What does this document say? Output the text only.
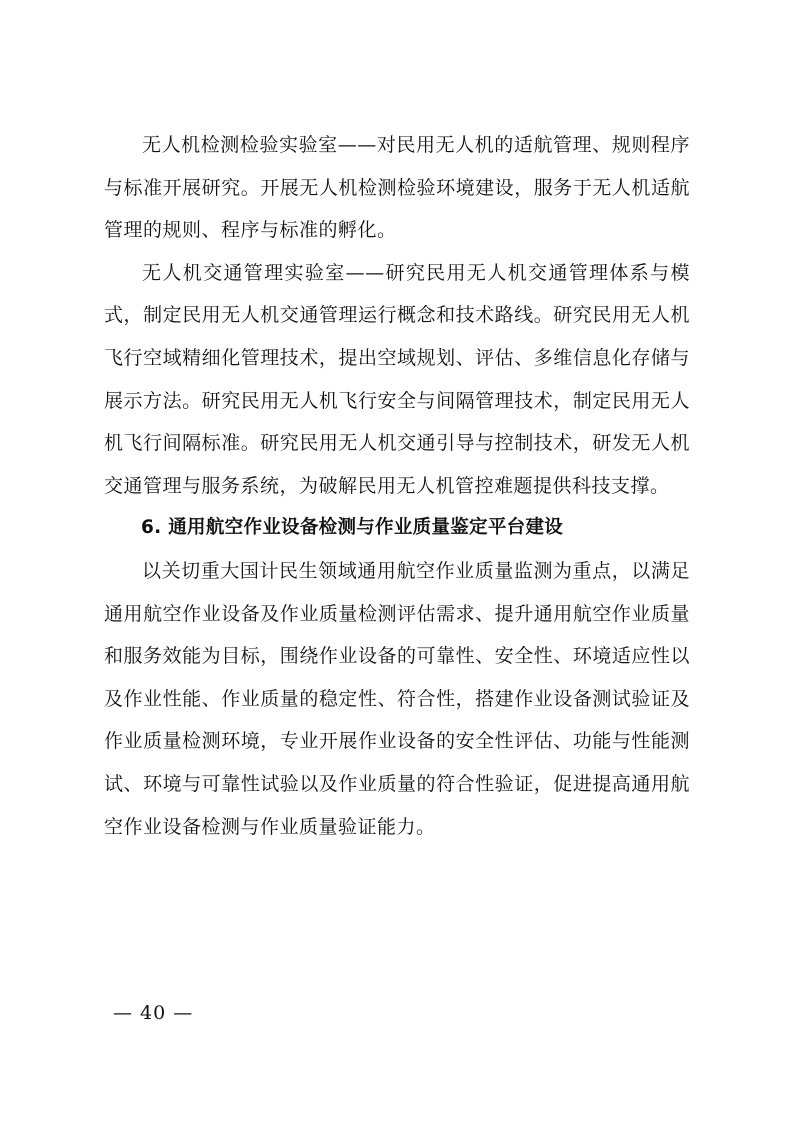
无人机检测检验实验室——对民用无人机的适航管理、规则程序与标准开展研究。开展无人机检测检验环境建设，服务于无人机适航管理的规则、程序与标准的孵化。

无人机交通管理实验室——研究民用无人机交通管理体系与模式，制定民用无人机交通管理运行概念和技术路线。研究民用无人机飞行空域精细化管理技术，提出空域规划、评估、多维信息化存储与展示方法。研究民用无人机飞行安全与间隔管理技术，制定民用无人机飞行间隔标准。研究民用无人机交通引导与控制技术，研发无人机交通管理与服务系统，为破解民用无人机管控难题提供科技支撑。

6. 通用航空作业设备检测与作业质量鉴定平台建设

以关切重大国计民生领域通用航空作业质量监测为重点，以满足通用航空作业设备及作业质量检测评估需求、提升通用航空作业质量和服务效能为目标，围绕作业设备的可靠性、安全性、环境适应性以及作业性能、作业质量的稳定性、符合性，搭建作业设备测试验证及作业质量检测环境，专业开展作业设备的安全性评估、功能与性能测试、环境与可靠性试验以及作业质量的符合性验证，促进提高通用航空作业设备检测与作业质量验证能力。

— 40 —
